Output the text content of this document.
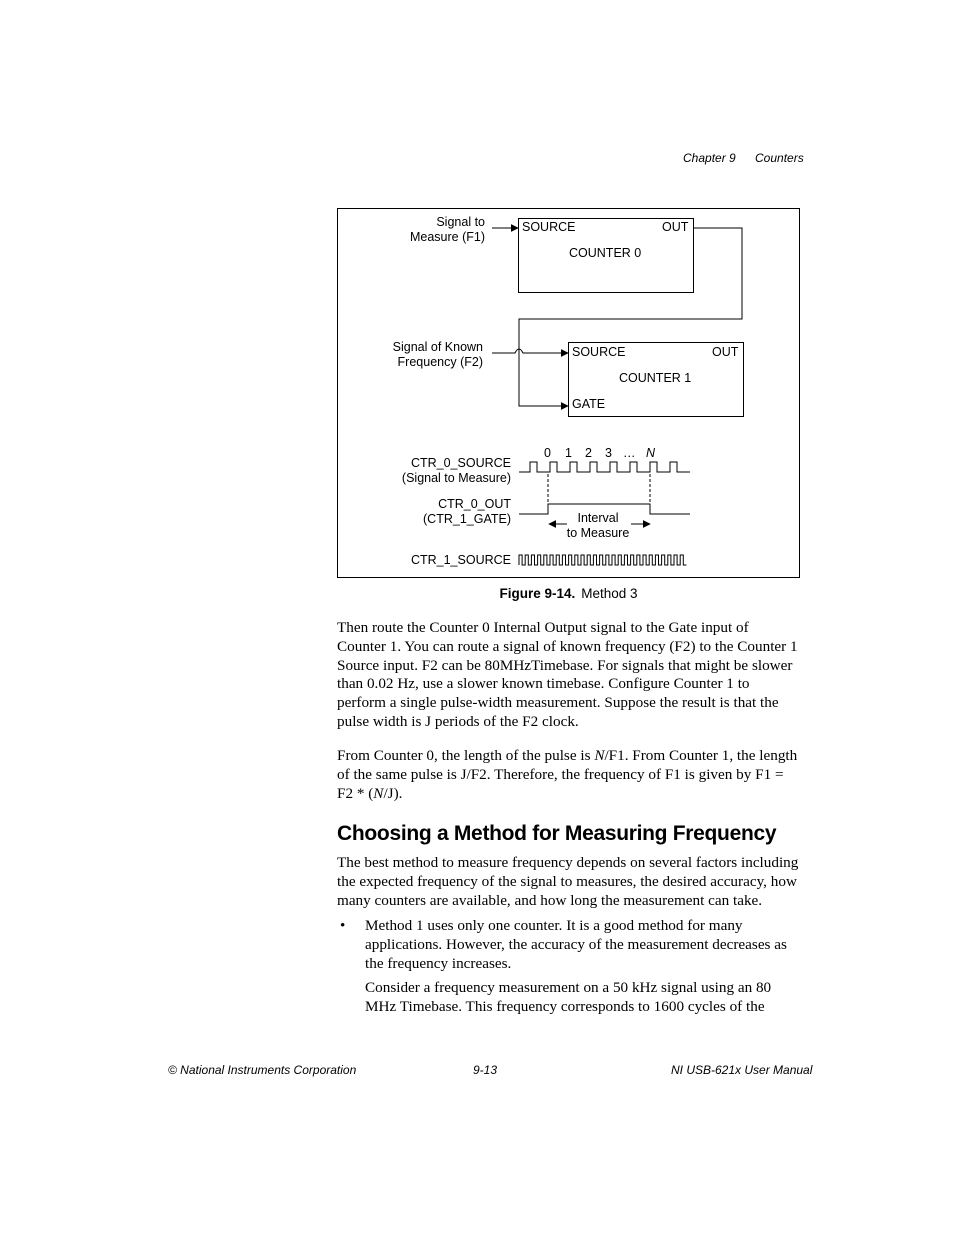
Chapter 9 Counters
Signal to
Measure (F1)
SOURCE	OUT
COUNTER 0
Signal of Known
Frequency (F2)
SOURCE	OUT
COUNTER 1
GATE
0 1 2 3 … N
CTR_0_SOURCE
(Signal to Measure)
CTR_0_OUT
(CTR_1_GATE)	Interval
to Measure
CTR_1_SOURCE
Figure 9-14. Method 3

Then route the Counter 0 Internal Output signal to the Gate input of Counter 1. You can route a signal of known frequency (F2) to the Counter 1 Source input. F2 can be 80MHzTimebase. For signals that might be slower than 0.02 Hz, use a slower known timebase. Configure Counter 1 to perform a single pulse-width measurement. Suppose the result is that the pulse width is J periods of the F2 clock.

From Counter 0, the length of the pulse is N/F1. From Counter 1, the length of the same pulse is J/F2. Therefore, the frequency of F1 is given by F1 = F2 * (N/J).

Choosing a Method for Measuring Frequency

The best method to measure frequency depends on several factors including the expected frequency of the signal to measures, the desired accuracy, how many counters are available, and how long the measurement can take.

• Method 1 uses only one counter. It is a good method for many applications. However, the accuracy of the measurement decreases as the frequency increases.

Consider a frequency measurement on a 50 kHz signal using an 80 MHz Timebase. This frequency corresponds to 1600 cycles of the

© National Instruments Corporation	9-13	NI USB-621x User Manual
